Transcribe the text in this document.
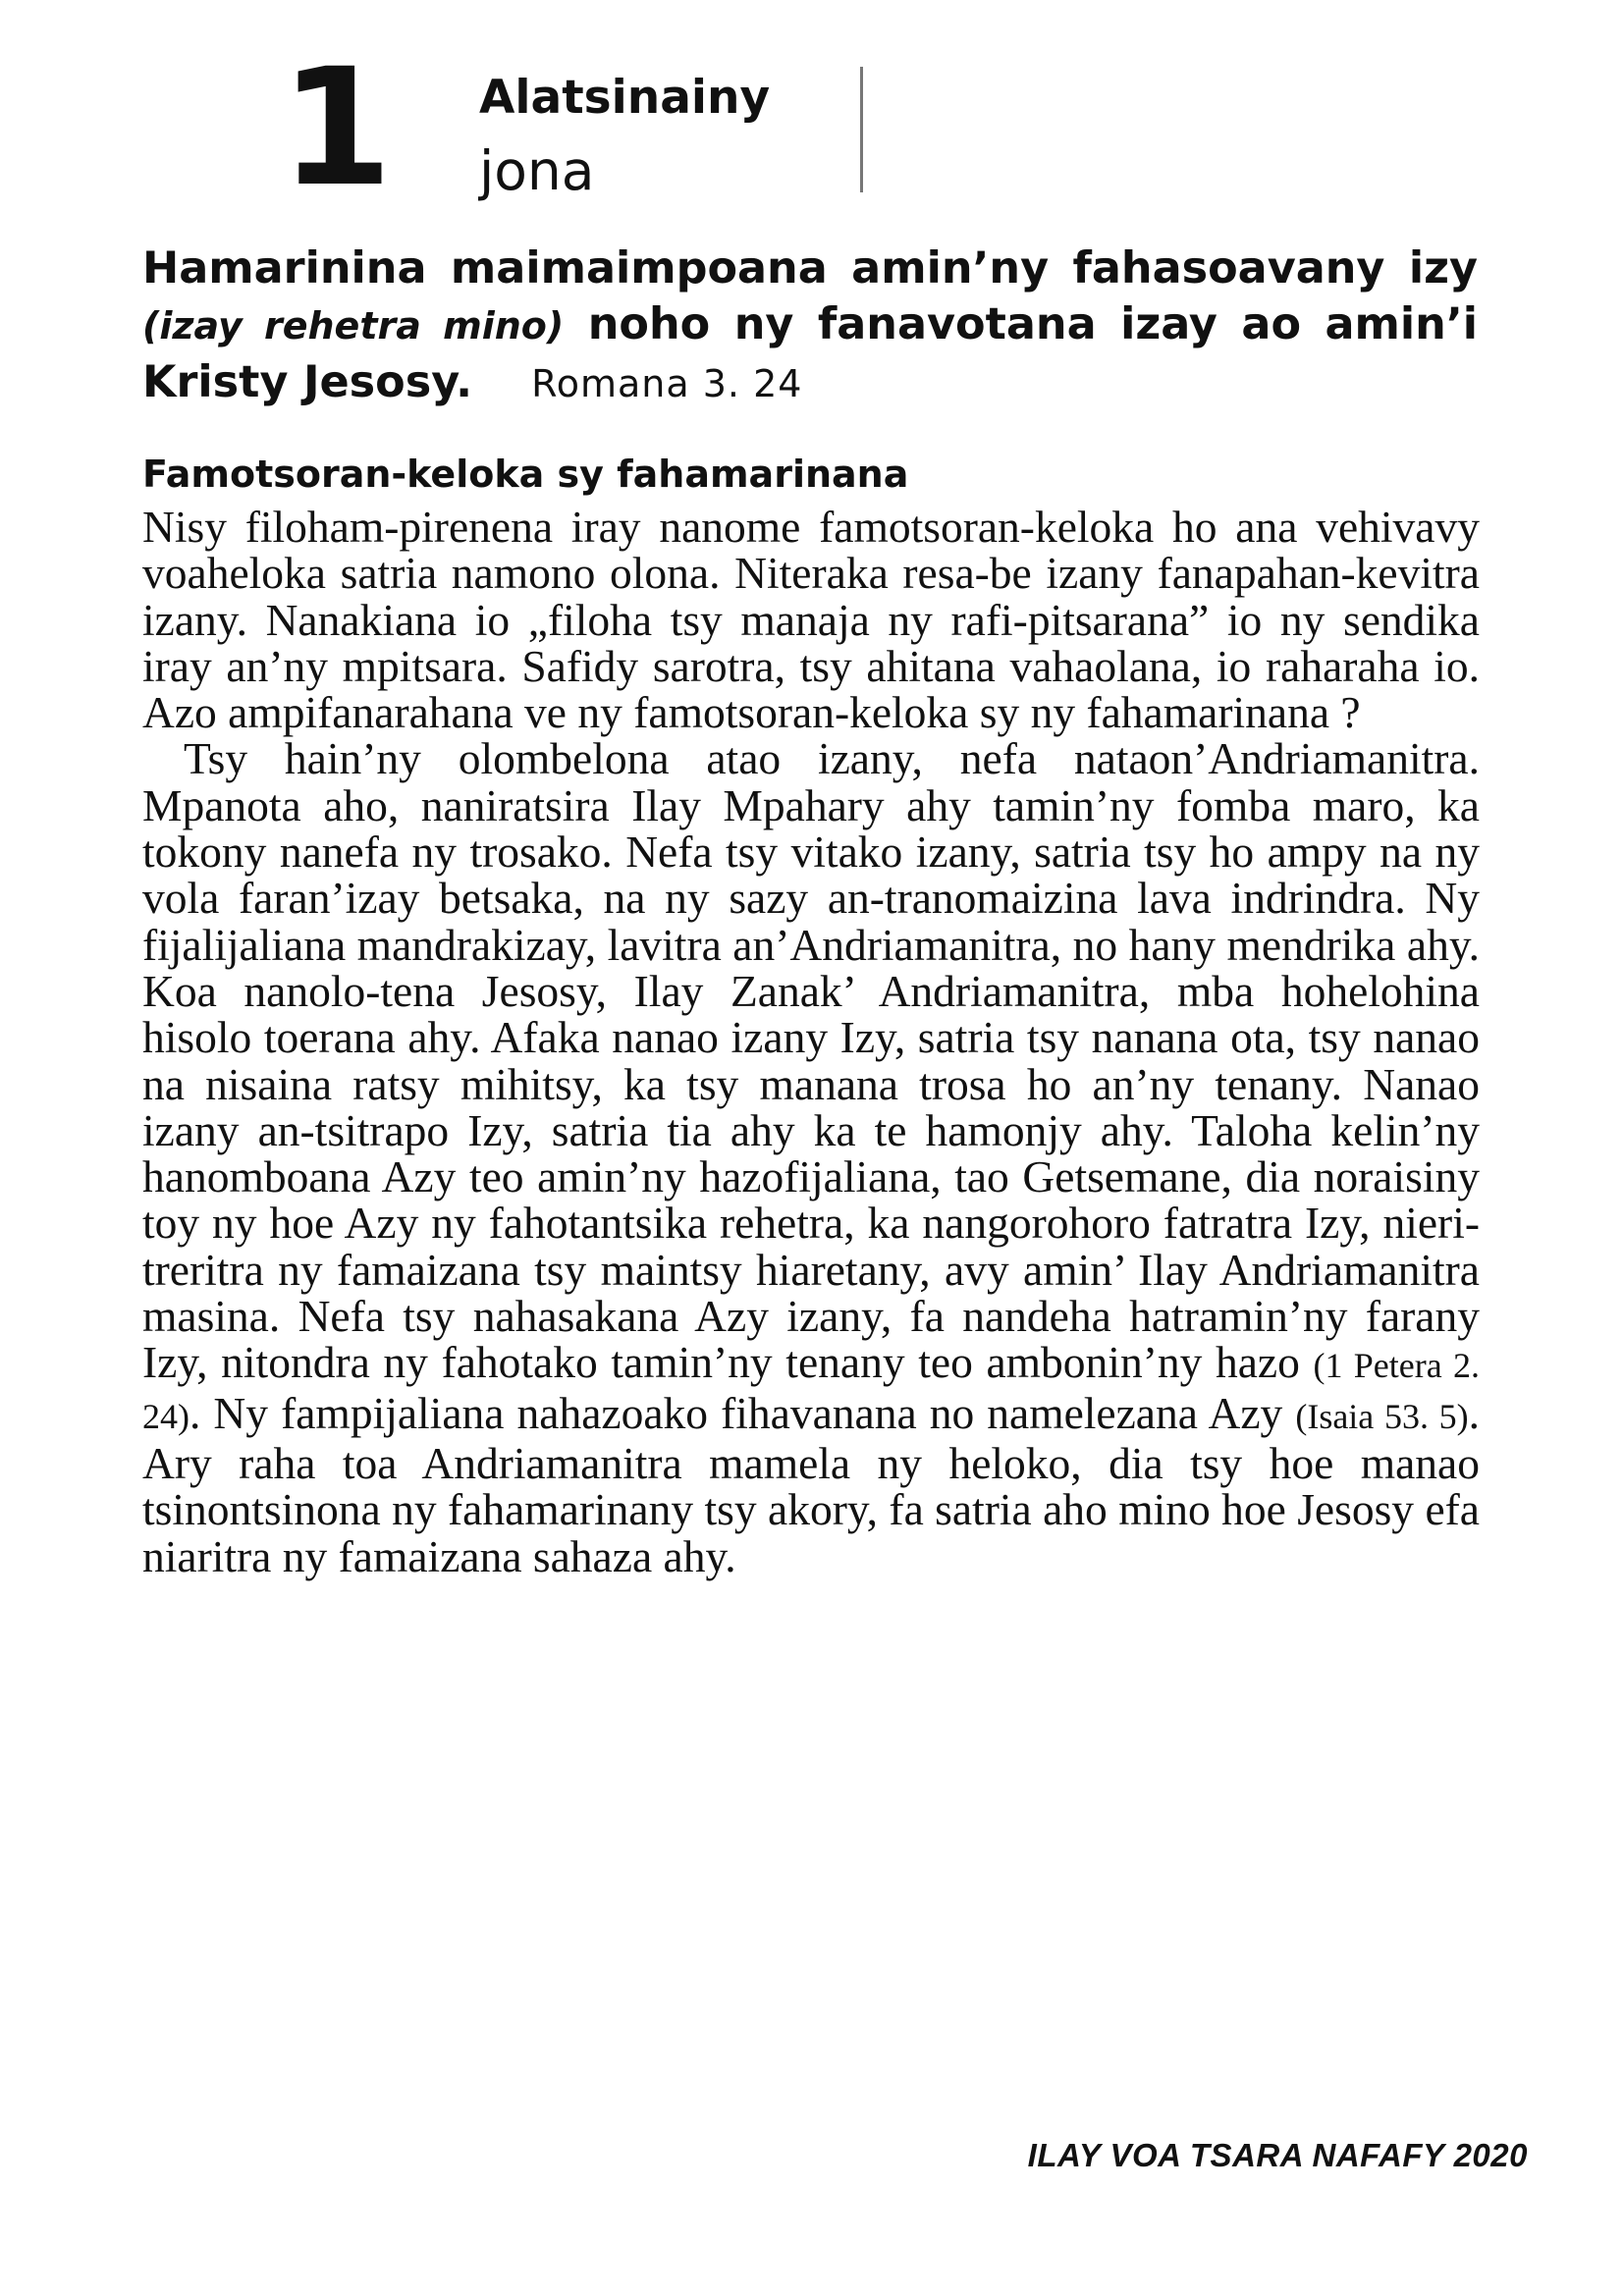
1 Alatsinainy
jona
Hamarinina maimaimpoana amin’ny fahasoavany izy (izay rehetra mino) noho ny fanavotana izay ao amin’i Kristy Jesosy. Romana 3. 24
Famotsoran-keloka sy fahamarinana

Nisy filoham-pirenena iray nanome famotsoran-keloka ho ana vehivavy voaheloka satria namono olona. Niteraka resa-be izany fanapahan-kevitra izany. Nanakiana io „filoha tsy manaja ny rafi-pitsarana” io ny sendika iray an’ny mpitsara. Safidy sarotra, tsy ahitana vahaolana, io raharaha io. Azo ampifanarahana ve ny famotsoran-keloka sy ny fahamarinana ?

Tsy hain’ny olombelona atao izany, nefa nataon’Andriamanitra. Mpanota aho, naniratsira Ilay Mpahary ahy tamin’ny fomba maro, ka tokony nanefa ny trosako. Nefa tsy vitako izany, satria tsy ho ampy na ny vola faran’izay betsaka, na ny sazy an-tranomaizina lava indrindra. Ny fijalijaliana mandrakizay, lavitra an’Andriamanitra, no hany mendrika ahy. Koa nanolo-tena Jesosy, Ilay Zanak’ Andriamanitra, mba hohelohina hisolo toerana ahy. Afaka nanao izany Izy, satria tsy nanana ota, tsy nanao na nisaina ratsy mihitsy, ka tsy manana trosa ho an’ny tenany. Nanao izany an-tsitrapo Izy, satria tia ahy ka te hamonjy ahy. Taloha kelin’ny hanomboana Azy teo amin’ny hazofijaliana, tao Getsemane, dia noraisiny toy ny hoe Azy ny fahotantsika rehetra, ka nangorohoro fatratra Izy, nieritreritra ny famaizana tsy maintsy hiaretany, avy amin’ Ilay Andriamanitra masina. Nefa tsy nahasakana Azy izany, fa nandeha hatramin’ny farany Izy, nitondra ny fahotako tamin’ny tenany teo ambonin’ny hazo (1 Petera 2. 24). Ny fampijaliana nahazoako fihavanana no namelezana Azy (Isaia 53. 5). Ary raha toa Andriamanitra mamela ny heloko, dia tsy hoe manao tsinontsinona ny fahamarinany tsy akory, fa satria aho mino hoe Jesosy efa niaritra ny famaizana sahaza ahy.

ILAY VOA TSARA NAFAFY 2020
